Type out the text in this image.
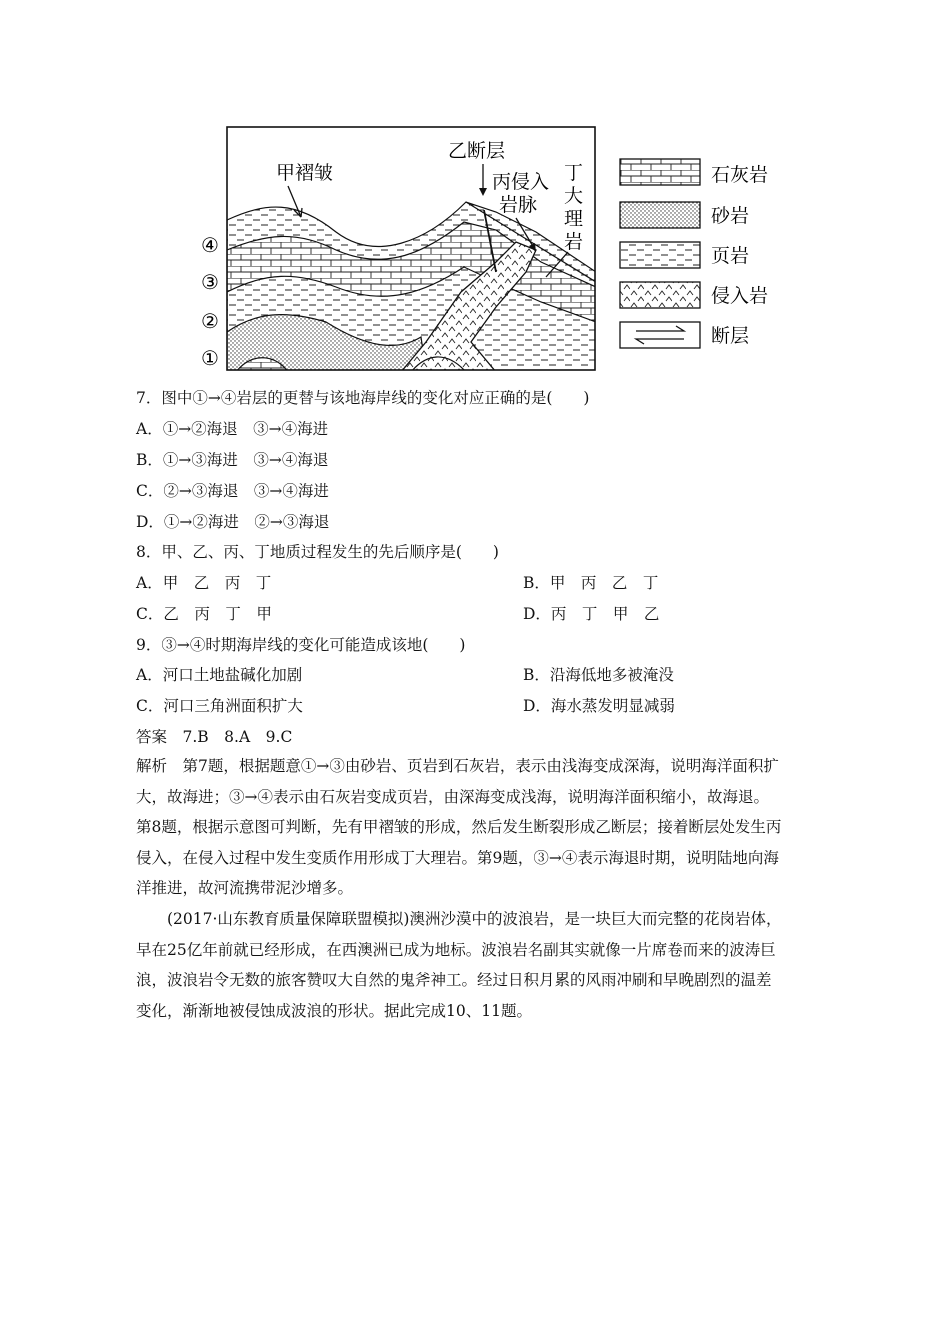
甲褶皱
乙断层
丙侵入
岩脉
丁
大
理
岩
④
③
②
①
石灰岩
砂岩
页岩
侵入岩
断层
7．图中①→④岩层的更替与该地海岸线的变化对应正确的是(　　)
A．①→②海退　③→④海进
B．①→③海进　③→④海退
C．②→③海退　③→④海进
D．①→②海进　②→③海退
8．甲、乙、丙、丁地质过程发生的先后顺序是(　　)
A．甲　乙　丙　丁	B．甲　丙　乙　丁
C．乙　丙　丁　甲	D．丙　丁　甲　乙
9．③→④时期海岸线的变化可能造成该地(　　)
A．河口土地盐碱化加剧	B．沿海低地多被淹没
C．河口三角洲面积扩大	D．海水蒸发明显减弱
答案　7.B　8.A　9.C
解析　第7题，根据题意①→③由砂岩、页岩到石灰岩，表示由浅海变成深海，说明海洋面积扩
大，故海进；③→④表示由石灰岩变成页岩，由深海变成浅海，说明海洋面积缩小，故海退。
第8题，根据示意图可判断，先有甲褶皱的形成，然后发生断裂形成乙断层；接着断层处发生丙
侵入，在侵入过程中发生变质作用形成丁大理岩。第9题，③→④表示海退时期，说明陆地向海
洋推进，故河流携带泥沙增多。
　　(2017·山东教育质量保障联盟模拟)澳洲沙漠中的波浪岩，是一块巨大而完整的花岗岩体，
早在25亿年前就已经形成，在西澳洲已成为地标。波浪岩名副其实就像一片席卷而来的波涛巨
浪，波浪岩令无数的旅客赞叹大自然的鬼斧神工。经过日积月累的风雨冲刷和早晚剧烈的温差
变化，渐渐地被侵蚀成波浪的形状。据此完成10、11题。
